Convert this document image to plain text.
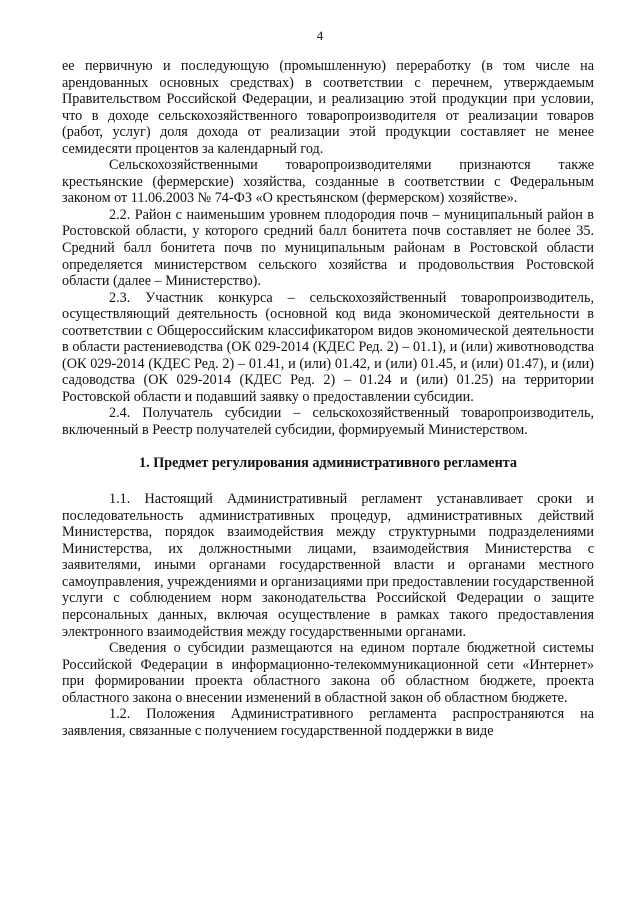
4

ее первичную и последующую (промышленную) переработку (в том числе на арендованных основных средствах) в соответствии с перечнем, утверждаемым Правительством Российской Федерации, и реализацию этой продукции при условии, что в доходе сельскохозяйственного товаропроизводителя от реализации товаров (работ, услуг) доля дохода от реализации этой продукции составляет не менее семидесяти процентов за календарный год.

Сельскохозяйственными товаропроизводителями признаются также крестьянские (фермерские) хозяйства, созданные в соответствии с Федеральным законом от 11.06.2003 № 74-ФЗ «О крестьянском (фермерском) хозяйстве».

2.2. Район с наименьшим уровнем плодородия почв – муниципальный район в Ростовской области, у которого средний балл бонитета почв составляет не более 35. Средний балл бонитета почв по муниципальным районам в Ростовской области определяется министерством сельского хозяйства и продовольствия Ростовской области (далее – Министерство).

2.3. Участник конкурса – сельскохозяйственный товаропроизводитель, осуществляющий деятельность (основной код вида экономической деятельности в соответствии с Общероссийским классификатором видов экономической деятельности в области растениеводства (ОК 029-2014 (КДЕС Ред. 2) – 01.1), и (или) животноводства (ОК 029-2014 (КДЕС Ред. 2) – 01.41, и (или) 01.42, и (или) 01.45, и (или) 01.47), и (или) садоводства (ОК 029-2014 (КДЕС Ред. 2) – 01.24 и (или) 01.25) на территории Ростовской области и подавший заявку о предоставлении субсидии.

2.4. Получатель субсидии – сельскохозяйственный товаропроизводитель, включенный в Реестр получателей субсидии, формируемый Министерством.

1. Предмет регулирования административного регламента

1.1. Настоящий Административный регламент устанавливает сроки и последовательность административных процедур, административных действий Министерства, порядок взаимодействия между структурными подразделениями Министерства, их должностными лицами, взаимодействия Министерства с заявителями, иными органами государственной власти и органами местного самоуправления, учреждениями и организациями при предоставлении государственной услуги с соблюдением норм законодательства Российской Федерации о защите персональных данных, включая осуществление в рамках такого предоставления электронного взаимодействия между государственными органами.

Сведения о субсидии размещаются на едином портале бюджетной системы Российской Федерации в информационно-телекоммуникационной сети «Интернет» при формировании проекта областного закона об областном бюджете, проекта областного закона о внесении изменений в областной закон об областном бюджете.

1.2. Положения Административного регламента распространяются на заявления, связанные с получением государственной поддержки в виде
